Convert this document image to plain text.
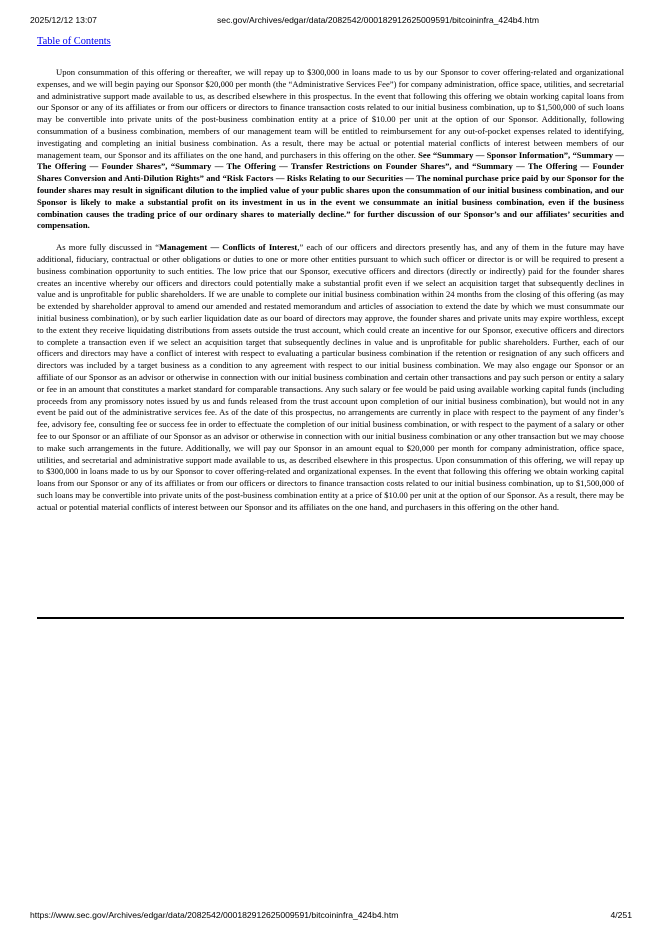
2025/12/12 13:07	sec.gov/Archives/edgar/data/2082542/000182912625009591/bitcoininfra_424b4.htm
Table of Contents

Upon consummation of this offering or thereafter, we will repay up to $300,000 in loans made to us by our Sponsor to cover offering-related and organizational expenses, and we will begin paying our Sponsor $20,000 per month (the “Administrative Services Fee”) for company administration, office space, utilities, and secretarial and administrative support made available to us, as described elsewhere in this prospectus. In the event that following this offering we obtain working capital loans from our Sponsor or any of its affiliates or from our officers or directors to finance transaction costs related to our initial business combination, up to $1,500,000 of such loans may be convertible into private units of the post-business combination entity at a price of $10.00 per unit at the option of our Sponsor. Additionally, following consummation of a business combination, members of our management team will be entitled to reimbursement for any out-of-pocket expenses related to identifying, investigating and completing an initial business combination. As a result, there may be actual or potential material conflicts of interest between members of our management team, our Sponsor and its affiliates on the one hand, and purchasers in this offering on the other. See “Summary — Sponsor Information”, “Summary — The Offering — Founder Shares”, “Summary — The Offering — Transfer Restrictions on Founder Shares”, and “Summary — The Offering — Founder Shares Conversion and Anti-Dilution Rights” and “Risk Factors — Risks Relating to our Securities — The nominal purchase price paid by our Sponsor for the founder shares may result in significant dilution to the implied value of your public shares upon the consummation of our initial business combination, and our Sponsor is likely to make a substantial profit on its investment in us in the event we consummate an initial business combination, even if the business combination causes the trading price of our ordinary shares to materially decline.” for further discussion of our Sponsor’s and our affiliates’ securities and compensation.

As more fully discussed in “Management — Conflicts of Interest,” each of our officers and directors presently has, and any of them in the future may have additional, fiduciary, contractual or other obligations or duties to one or more other entities pursuant to which such officer or director is or will be required to present a business combination opportunity to such entities. The low price that our Sponsor, executive officers and directors (directly or indirectly) paid for the founder shares creates an incentive whereby our officers and directors could potentially make a substantial profit even if we select an acquisition target that subsequently declines in value and is unprofitable for public shareholders. If we are unable to complete our initial business combination within 24 months from the closing of this offering (as may be extended by shareholder approval to amend our amended and restated memorandum and articles of association to extend the date by which we must consummate our initial business combination), or by such earlier liquidation date as our board of directors may approve, the founder shares and private units may expire worthless, except to the extent they receive liquidating distributions from assets outside the trust account, which could create an incentive for our Sponsor, executive officers and directors to complete a transaction even if we select an acquisition target that subsequently declines in value and is unprofitable for public shareholders. Further, each of our officers and directors may have a conflict of interest with respect to evaluating a particular business combination if the retention or resignation of any such officers and directors was included by a target business as a condition to any agreement with respect to our initial business combination. We may also engage our Sponsor or an affiliate of our Sponsor as an advisor or otherwise in connection with our initial business combination and certain other transactions and pay such person or entity a salary or fee in an amount that constitutes a market standard for comparable transactions. Any such salary or fee would be paid using available working capital funds (including proceeds from any promissory notes issued by us and funds released from the trust account upon completion of our initial business combination), but would not in any event be paid out of the administrative services fee. As of the date of this prospectus, no arrangements are currently in place with respect to the payment of any finder’s fee, advisory fee, consulting fee or success fee in order to effectuate the completion of our initial business combination, or with respect to the payment of a salary or other fee to our Sponsor or an affiliate of our Sponsor as an advisor or otherwise in connection with our initial business combination or any other transaction but we may choose to make such arrangements in the future. Additionally, we will pay our Sponsor in an amount equal to $20,000 per month for company administration, office space, utilities, and secretarial and administrative support made available to us, as described elsewhere in this prospectus. Upon consummation of this offering, we will repay up to $300,000 in loans made to us by our Sponsor to cover offering-related and organizational expenses. In the event that following this offering we obtain working capital loans from our Sponsor or any of its affiliates or from our officers or directors to finance transaction costs related to our initial business combination, up to $1,500,000 of such loans may be convertible into private units of the post-business combination entity at a price of $10.00 per unit at the option of our Sponsor. As a result, there may be actual or potential material conflicts of interest between our Sponsor and its affiliates on the one hand, and purchasers in this offering on the other hand.

https://www.sec.gov/Archives/edgar/data/2082542/000182912625009591/bitcoininfra_424b4.htm	4/251
